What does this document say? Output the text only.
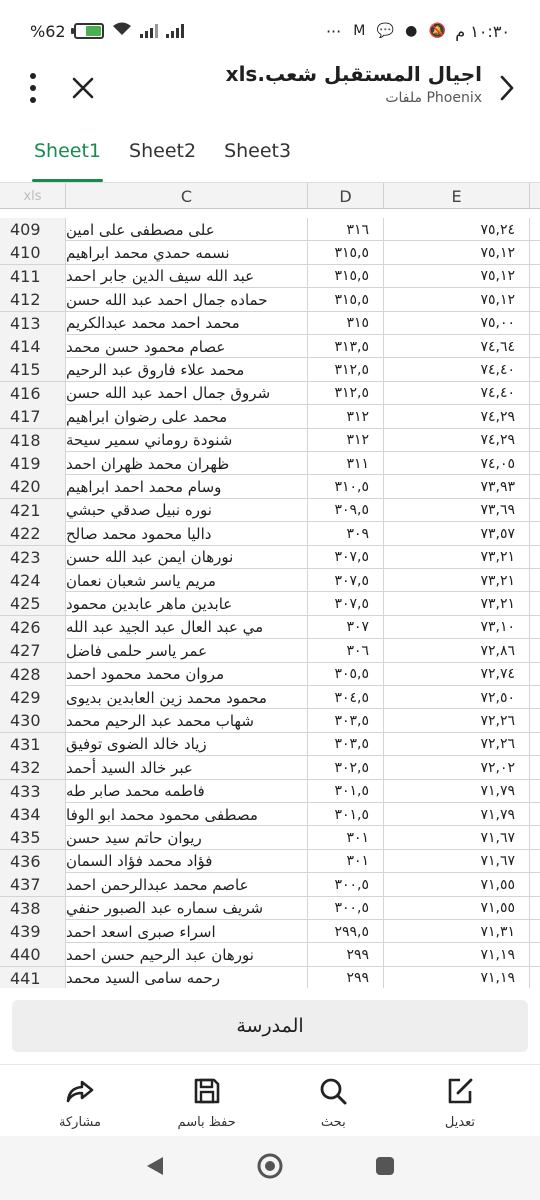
%62	١٠:٣٠ م
🔕
●
💬
M
···
اجيال المستقبل شعب.xls
ملفات Phoenix
Sheet1 Sheet2 Sheet3
xls	C	D	E
409	على مصطفى على امين	٣١٦	٧٥,٢٤
410	نسمه حمدي محمد ابراهيم	٣١٥,٥	٧٥,١٢
411	عبد الله سيف الدين جابر احمد	٣١٥,٥	٧٥,١٢
412	حماده جمال احمد عبد الله حسن	٣١٥,٥	٧٥,١٢
413	محمد احمد محمد عبدالكريم	٣١٥	٧٥,٠٠
414	عصام محمود حسن محمد	٣١٣,٥	٧٤,٦٤
415	محمد علاء فاروق عبد الرحيم	٣١٢,٥	٧٤,٤٠
416	شروق جمال احمد عبد الله حسن	٣١٢,٥	٧٤,٤٠
417	محمد على رضوان ابراهيم	٣١٢	٧٤,٢٩
418	شنودة روماني سمير سيحة	٣١٢	٧٤,٢٩
419	ظهران محمد ظهران احمد	٣١١	٧٤,٠٥
420	وسام محمد احمد ابراهيم	٣١٠,٥	٧٣,٩٣
421	نوره نبيل صدقي حبشي	٣٠٩,٥	٧٣,٦٩
422	داليا محمود محمد صالح	٣٠٩	٧٣,٥٧
423	نورهان ايمن عبد الله حسن	٣٠٧,٥	٧٣,٢١
424	مريم ياسر شعبان نعمان	٣٠٧,٥	٧٣,٢١
425	عابدين ماهر عابدين محمود	٣٠٧,٥	٧٣,٢١
426	مي عبد العال عبد الجيد عبد الله	٣٠٧	٧٣,١٠
427	عمر ياسر حلمى فاضل	٣٠٦	٧٢,٨٦
428	مروان محمد محمود احمد	٣٠٥,٥	٧٢,٧٤
429	محمود محمد زين العابدين بديوى	٣٠٤,٥	٧٢,٥٠
430	شهاب محمد عبد الرحيم محمد	٣٠٣,٥	٧٢,٢٦
431	زياد خالد الضوى توفيق	٣٠٣,٥	٧٢,٢٦
432	عبر خالد السيد أحمد	٣٠٢,٥	٧٢,٠٢
433	فاطمه محمد صابر طه	٣٠١,٥	٧١,٧٩
434	مصطفى محمود محمد ابو الوفا	٣٠١,٥	٧١,٧٩
435	ريوان حاتم سيد حسن	٣٠١	٧١,٦٧
436	فؤاد محمد فؤاد السمان	٣٠١	٧١,٦٧
437	عاصم محمد عبدالرحمن احمد	٣٠٠,٥	٧١,٥٥
438	شريف سماره عبد الصبور حنفي	٣٠٠,٥	٧١,٥٥
439	اسراء صبرى اسعد احمد	٢٩٩,٥	٧١,٣١
440	نورهان عبد الرحيم حسن احمد	٢٩٩	٧١,١٩
441	رحمه سامى السيد محمد	٢٩٩	٧١,١٩
المدرسة
مشاركة	حفظ باسم	بحث	تعديل
